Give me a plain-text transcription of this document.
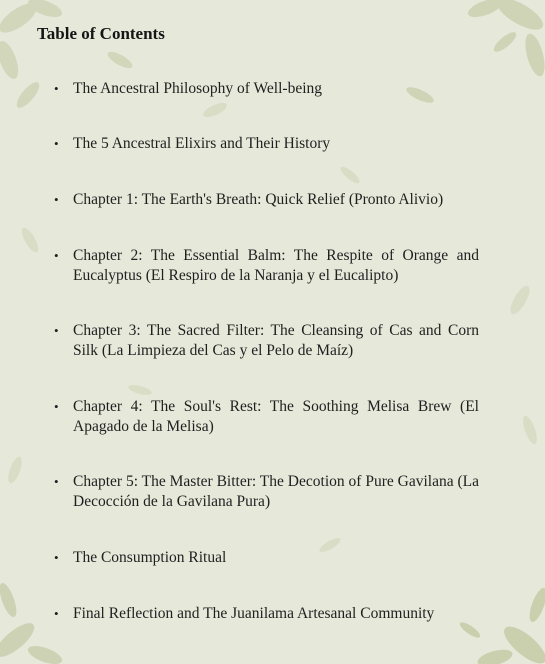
Table of Contents
• The Ancestral Philosophy of Well-being
• The 5 Ancestral Elixirs and Their History
• Chapter 1: The Earth's Breath: Quick Relief (Pronto Alivio)
• Chapter 2: The Essential Balm: The Respite of Orange and Eucalyptus (El Respiro de la Naranja y el Eucalipto)
• Chapter 3: The Sacred Filter: The Cleansing of Cas and Corn Silk (La Limpieza del Cas y el Pelo de Maíz)
• Chapter 4: The Soul's Rest: The Soothing Melisa Brew (El Apagado de la Melisa)
• Chapter 5: The Master Bitter: The Decotion of Pure Gavilana (La Decocción de la Gavilana Pura)
• The Consumption Ritual
• Final Reflection and The Juanilama Artesanal Community
